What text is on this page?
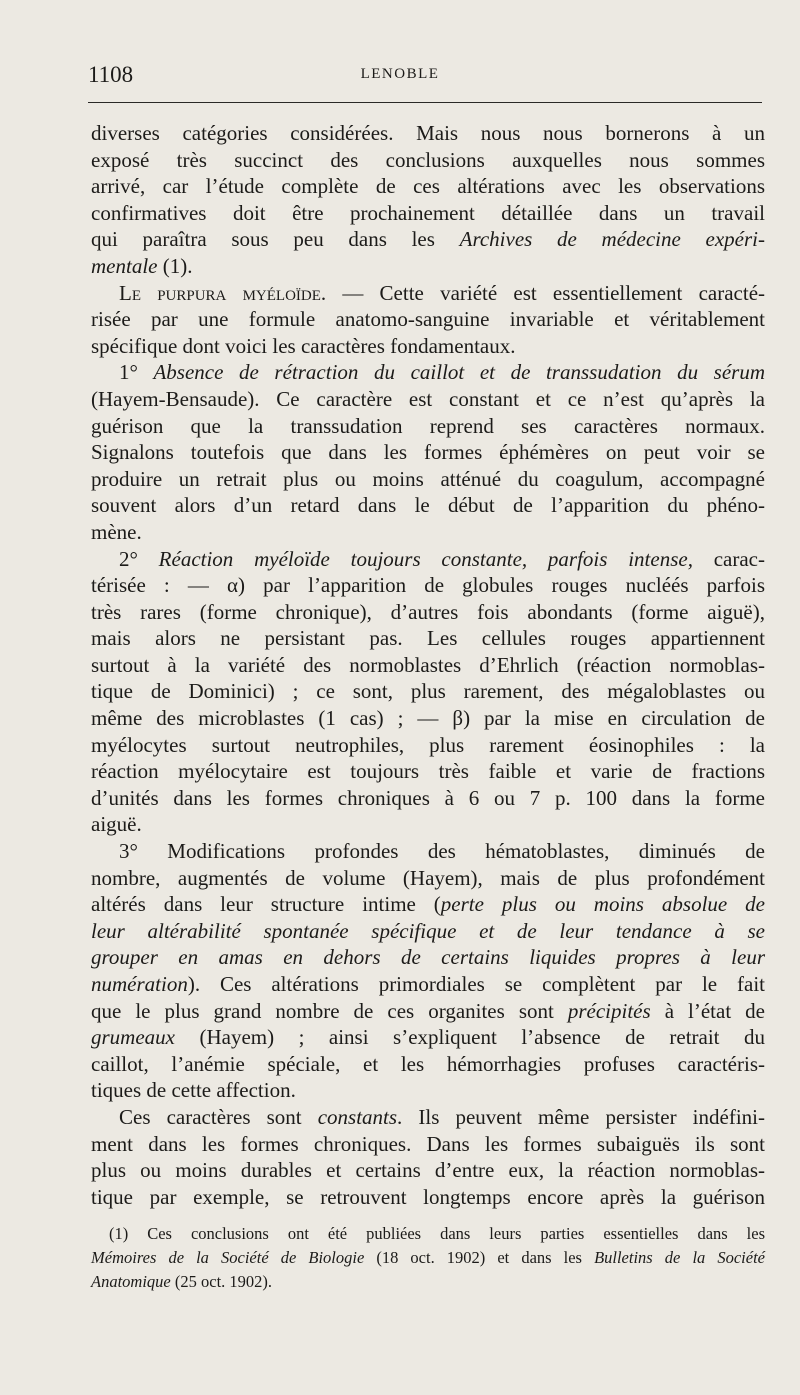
1108	LENOBLE
diverses catégories considérées. Mais nous nous bornerons à un
exposé très succinct des conclusions auxquelles nous sommes
arrivé, car l’étude complète de ces altérations avec les observations
confirmatives doit être prochainement détaillée dans un travail
qui paraîtra sous peu dans les Archives de médecine expéri-
mentale (1).
Le purpura myéloïde. — Cette variété est essentiellement caracté-
risée par une formule anatomo-sanguine invariable et véritablement
spécifique dont voici les caractères fondamentaux.
1° Absence de rétraction du caillot et de transsudation du sérum
(Hayem-Bensaude). Ce caractère est constant et ce n’est qu’après la
guérison que la transsudation reprend ses caractères normaux.
Signalons toutefois que dans les formes éphémères on peut voir se
produire un retrait plus ou moins atténué du coagulum, accompagné
souvent alors d’un retard dans le début de l’apparition du phéno-
mène.
2° Réaction myéloïde toujours constante, parfois intense, carac-
térisée : — α) par l’apparition de globules rouges nucléés parfois
très rares (forme chronique), d’autres fois abondants (forme aiguë),
mais alors ne persistant pas. Les cellules rouges appartiennent
surtout à la variété des normoblastes d’Ehrlich (réaction normoblas-
tique de Dominici) ; ce sont, plus rarement, des mégaloblastes ou
même des microblastes (1 cas) ; — β) par la mise en circulation de
myélocytes surtout neutrophiles, plus rarement éosinophiles : la
réaction myélocytaire est toujours très faible et varie de fractions
d’unités dans les formes chroniques à 6 ou 7 p. 100 dans la forme
aiguë.
3° Modifications profondes des hématoblastes, diminués de
nombre, augmentés de volume (Hayem), mais de plus profondément
altérés dans leur structure intime (perte plus ou moins absolue de
leur altérabilité spontanée spécifique et de leur tendance à se
grouper en amas en dehors de certains liquides propres à leur
numération). Ces altérations primordiales se complètent par le fait
que le plus grand nombre de ces organites sont précipités à l’état de
grumeaux (Hayem) ; ainsi s’expliquent l’absence de retrait du
caillot, l’anémie spéciale, et les hémorrhagies profuses caractéris-
tiques de cette affection.
Ces caractères sont constants. Ils peuvent même persister indéfini-
ment dans les formes chroniques. Dans les formes subaiguës ils sont
plus ou moins durables et certains d’entre eux, la réaction normoblas-
tique par exemple, se retrouvent longtemps encore après la guérison
(1) Ces conclusions ont été publiées dans leurs parties essentielles dans les
Mémoires de la Société de Biologie (18 oct. 1902) et dans les Bulletins de la Société
Anatomique (25 oct. 1902).
